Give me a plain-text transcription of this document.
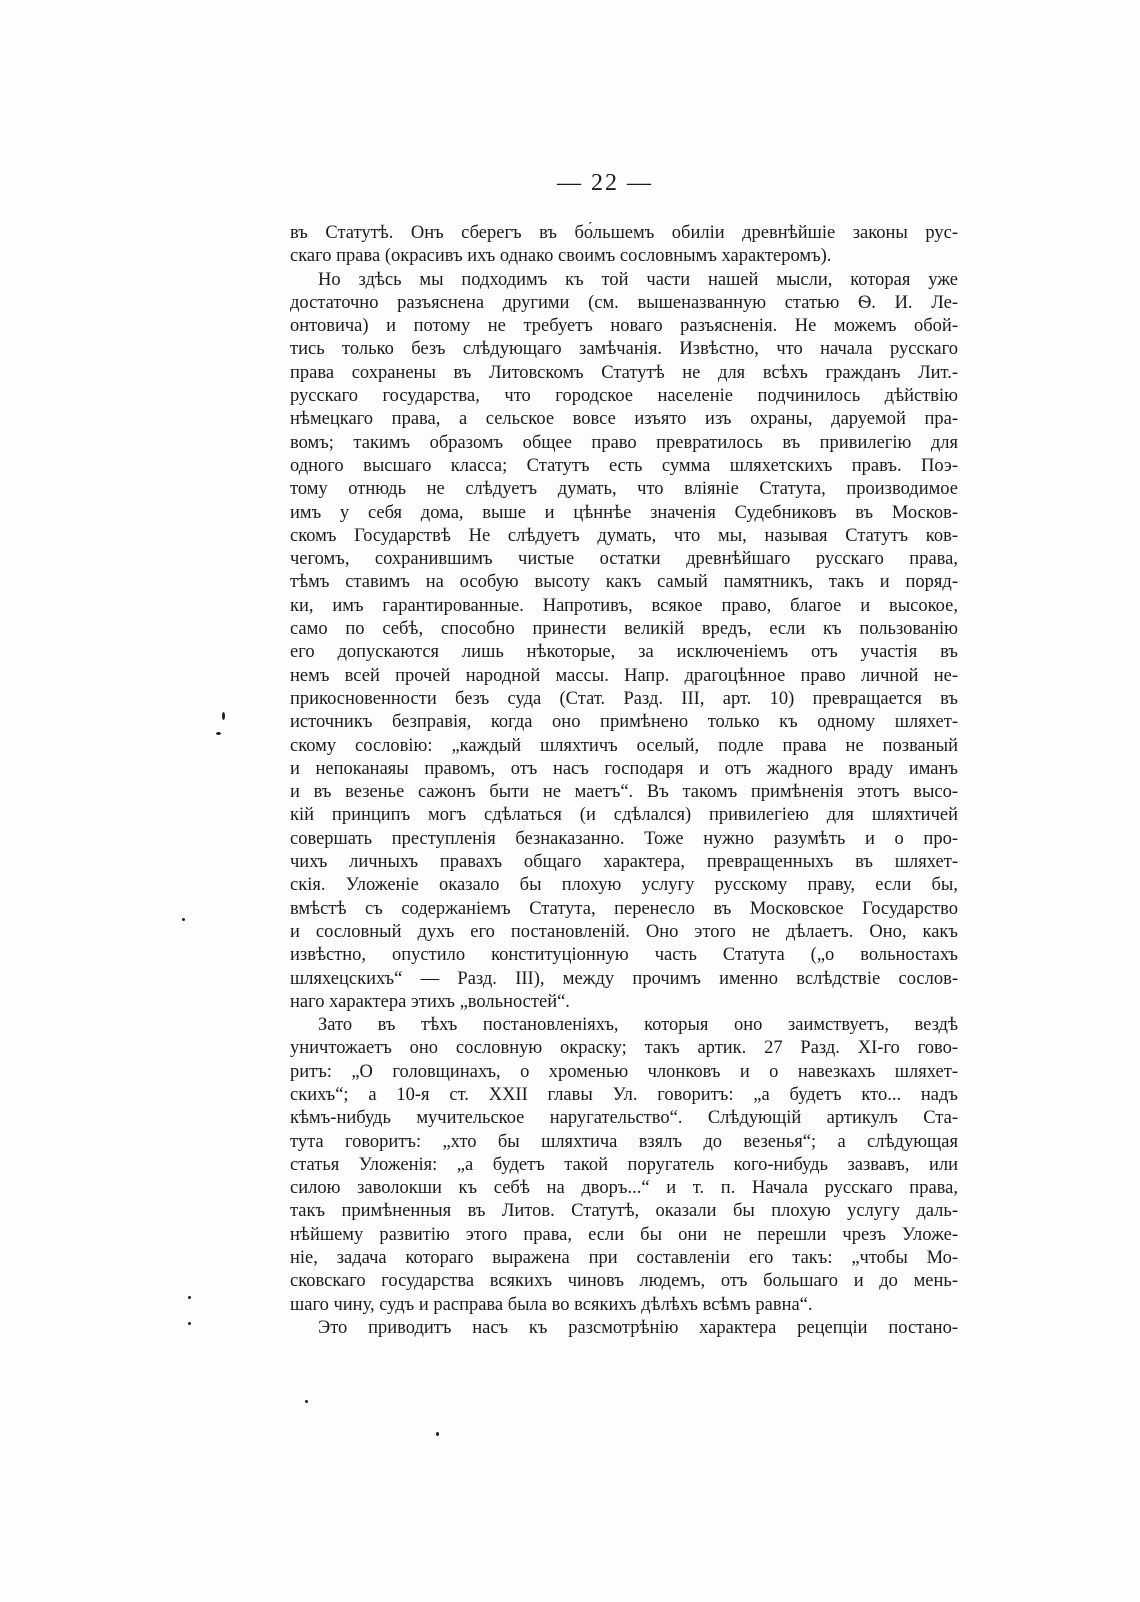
— 22 —
въ Статутѣ. Онъ сберегъ въ бо́льшемъ обиліи древнѣйшіе законы рус-
скаго права (окрасивъ ихъ однако своимъ сословнымъ характеромъ).
Но здѣсь мы подходимъ къ той части нашей мысли, которая уже
достаточно разъяснена другими (см. вышеназванную статью Ѳ. И. Ле-
онтовича) и потому не требуетъ новаго разъясненія. Не можемъ обой-
тись только безъ слѣдующаго замѣчанія. Извѣстно, что начала русскаго
права сохранены въ Литовскомъ Статутѣ не для всѣхъ гражданъ Лит.-
русскаго государства, что городское населеніе подчинилось дѣйствію
нѣмецкаго права, а сельское вовсе изъято изъ охраны, даруемой пра-
вомъ; такимъ образомъ общее право превратилось въ привилегію для
одного высшаго класса; Статутъ есть сумма шляхетскихъ правъ. Поэ-
тому отнюдь не слѣдуетъ думать, что вліяніе Статута, производимое
имъ у себя дома, выше и цѣннѣе значенія Судебниковъ въ Москов-
скомъ Государствѣ Не слѣдуетъ думать, что мы, называя Статутъ ков-
чегомъ, сохранившимъ чистые остатки древнѣйшаго русскаго права,
тѣмъ ставимъ на особую высоту какъ самый памятникъ, такъ и поряд-
ки, имъ гарантированные. Напротивъ, всякое право, благое и высокое,
само по себѣ, способно принести великій вредъ, если къ пользованію
его допускаются лишь нѣкоторые, за исключеніемъ отъ участія въ
немъ всей прочей народной массы. Напр. драгоцѣнное право личной не-
прикосновенности безъ суда (Стат. Разд. III, арт. 10) превращается въ
источникъ безправія, когда оно примѣнено только къ одному шляхет-
скому сословію: „каждый шляхтичъ оселый, подле права не позваный
и непоканаяы правомъ, отъ насъ господаря и отъ жадного враду иманъ
и въ везенье сажонъ быти не маетъ“. Въ такомъ примѣненія этотъ высо-
кій принципъ могъ сдѣлаться (и сдѣлался) привилегіею для шляхтичей
совершать преступленія безнаказанно. Тоже нужно разумѣть и о про-
чихъ личныхъ правахъ общаго характера, превращенныхъ въ шляхет-
скія. Уложеніе оказало бы плохую услугу русскому праву, если бы,
вмѣстѣ съ содержаніемъ Статута, перенесло въ Московское Государство
и сословный духъ его постановленій. Оно этого не дѣлаетъ. Оно, какъ
извѣстно, опустило конституціонную часть Статута („о вольностахъ
шляхецскихъ“ — Разд. III), между прочимъ именно вслѣдствіе сослов-
наго характера этихъ „вольностей“.
Зато въ тѣхъ постановленіяхъ, которыя оно заимствуетъ, вездѣ
уничтожаетъ оно сословную окраску; такъ артик. 27 Разд. XI-го гово-
ритъ: „О головщинахъ, о хроменью члонковъ и о навезкахъ шляхет-
скихъ“; а 10-я ст. XXII главы Ул. говоритъ: „а будетъ кто... надъ
кѣмъ-нибудь мучительское наругательство“. Слѣдующій артикулъ Ста-
тута говоритъ: „хто бы шляхтича взялъ до везенья“; а слѣдующая
статья Уложенія: „а будетъ такой поругатель кого-нибудь зазвавъ, или
силою заволокши къ себѣ на дворъ...“ и т. п. Начала русскаго права,
такъ примѣненныя въ Литов. Статутѣ, оказали бы плохую услугу даль-
нѣйшему развитію этого права, если бы они не перешли чрезъ Уложе-
ніе, задача котораго выражена при составленіи его такъ: „чтобы Мо-
сковскаго государства всякихъ чиновъ людемъ, отъ большаго и до мень-
шаго чину, судъ и расправа была во всякихъ дѣлѣхъ всѣмъ равна“.
Это приводитъ насъ къ разсмотрѣнію характера рецепціи постано-
